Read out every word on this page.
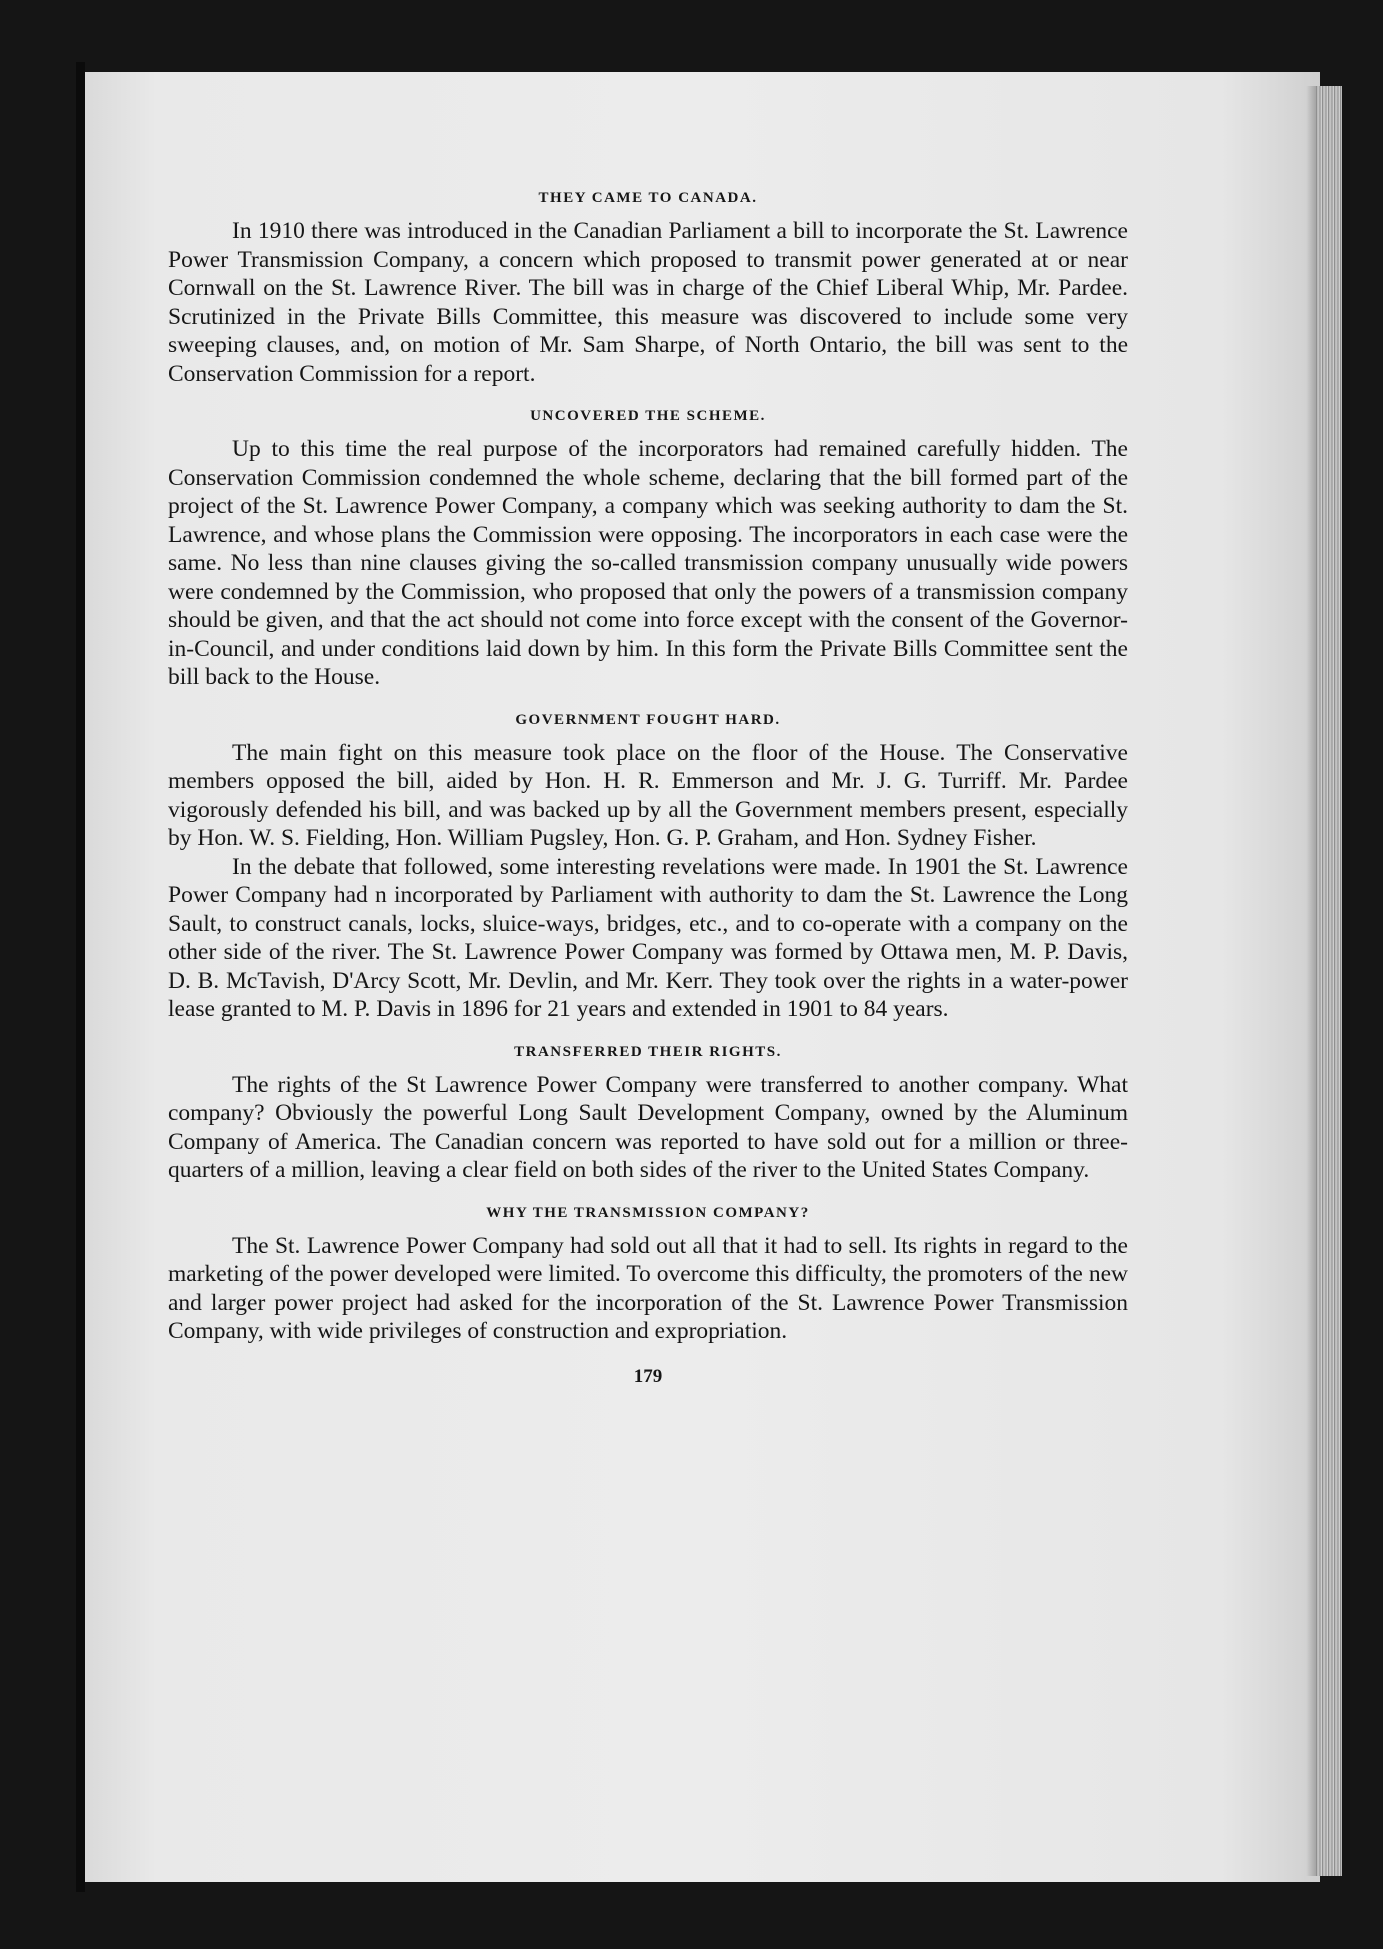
THEY CAME TO CANADA.

In 1910 there was introduced in the Canadian Parliament a bill to incorporate the St. Lawrence Power Transmission Company, a concern which proposed to transmit power generated at or near Cornwall on the St. Lawrence River. The bill was in charge of the Chief Liberal Whip, Mr. Pardee. Scrutinized in the Private Bills Committee, this measure was discovered to include some very sweeping clauses, and, on motion of Mr. Sam Sharpe, of North Ontario, the bill was sent to the Conservation Commission for a report.

UNCOVERED THE SCHEME.

Up to this time the real purpose of the incorporators had remained carefully hidden. The Conservation Commission condemned the whole scheme, declaring that the bill formed part of the project of the St. Lawrence Power Company, a company which was seeking authority to dam the St. Lawrence, and whose plans the Commission were opposing. The incorporators in each case were the same. No less than nine clauses giving the so-called transmission company unusually wide powers were condemned by the Commission, who proposed that only the powers of a transmission company should be given, and that the act should not come into force except with the consent of the Governor-in-Council, and under conditions laid down by him. In this form the Private Bills Committee sent the bill back to the House.

GOVERNMENT FOUGHT HARD.

The main fight on this measure took place on the floor of the House. The Conservative members opposed the bill, aided by Hon. H. R. Emmerson and Mr. J. G. Turriff. Mr. Pardee vigorously defended his bill, and was backed up by all the Government members present, especially by Hon. W. S. Fielding, Hon. William Pugsley, Hon. G. P. Graham, and Hon. Sydney Fisher.

In the debate that followed, some interesting revelations were made. In 1901 the St. Lawrence Power Company had n incorporated by Parliament with authority to dam the St. Lawrence the Long Sault, to construct canals, locks, sluice-ways, bridges, etc., and to co-operate with a company on the other side of the river. The St. Lawrence Power Company was formed by Ottawa men, M. P. Davis, D. B. McTavish, D'Arcy Scott, Mr. Devlin, and Mr. Kerr. They took over the rights in a water-power lease granted to M. P. Davis in 1896 for 21 years and extended in 1901 to 84 years.

TRANSFERRED THEIR RIGHTS.

The rights of the St Lawrence Power Company were transferred to another company. What company? Obviously the powerful Long Sault Development Company, owned by the Aluminum Company of America. The Canadian concern was reported to have sold out for a million or three-quarters of a million, leaving a clear field on both sides of the river to the United States Company.

WHY THE TRANSMISSION COMPANY?

The St. Lawrence Power Company had sold out all that it had to sell. Its rights in regard to the marketing of the power developed were limited. To overcome this difficulty, the promoters of the new and larger power project had asked for the incorporation of the St. Lawrence Power Transmission Company, with wide privileges of construction and expropriation.

179
